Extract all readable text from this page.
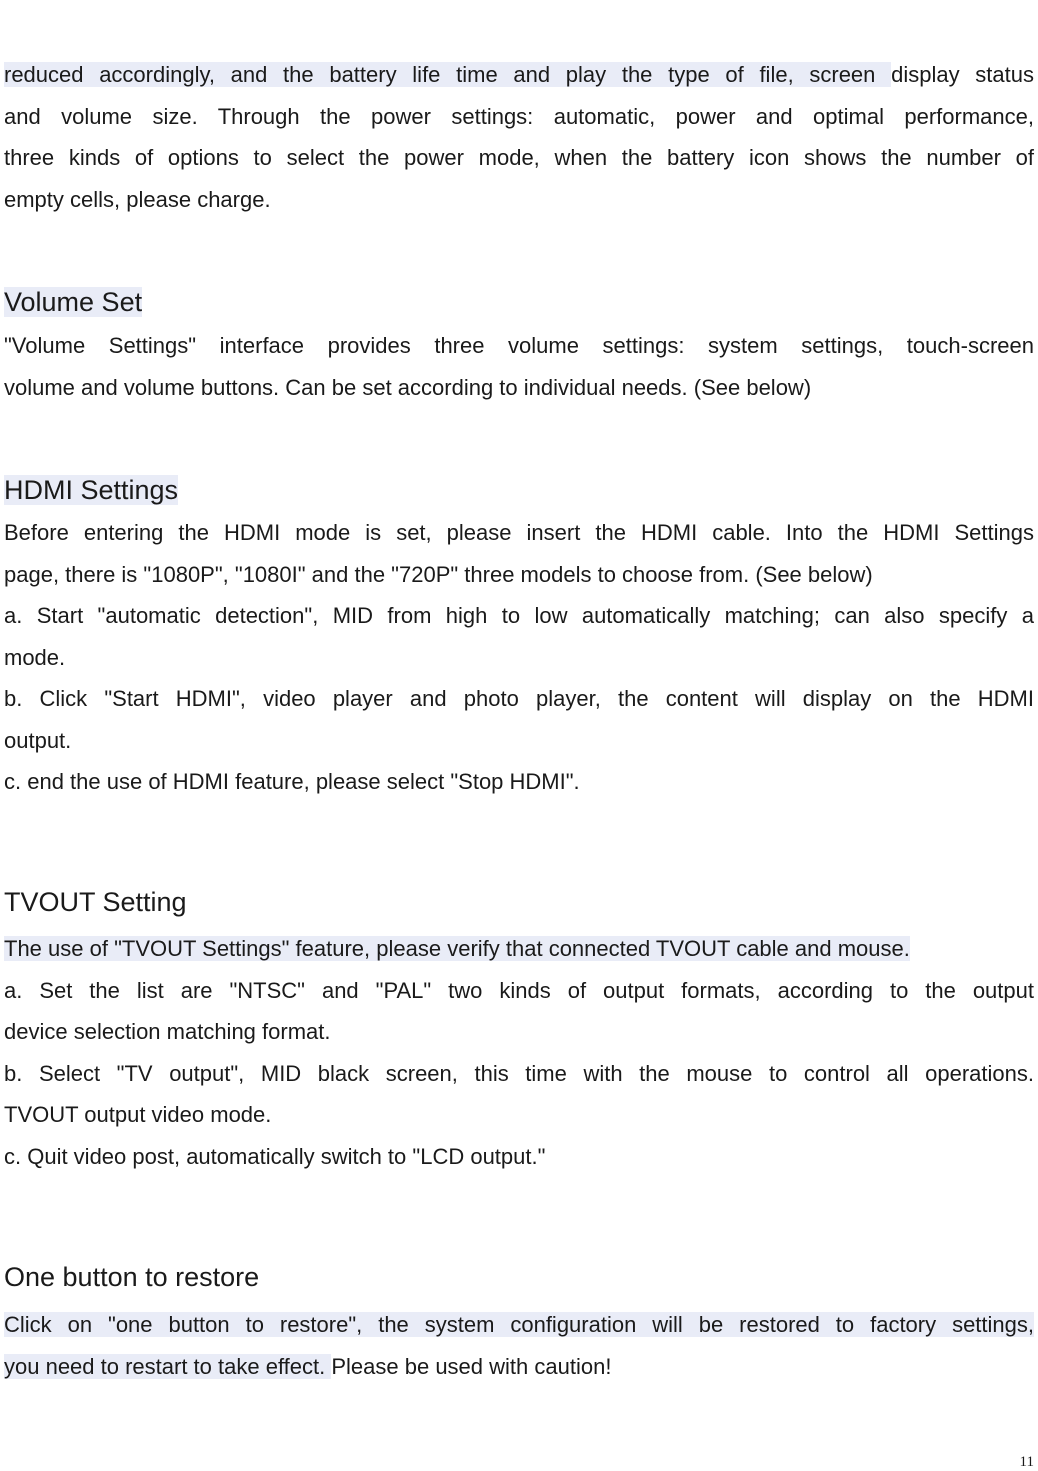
reduced accordingly, and the battery life time and play the type of file, screen display status
and volume size. Through the power settings: automatic, power and optimal performance,
three kinds of options to select the power mode, when the battery icon shows the number of
empty cells, please charge.
Volume Set
"Volume Settings" interface provides three volume settings: system settings, touch-screen
volume and volume buttons. Can be set according to individual needs. (See below)
HDMI Settings
Before entering the HDMI mode is set, please insert the HDMI cable. Into the HDMI Settings
page, there is "1080P", "1080I" and the "720P" three models to choose from. (See below)
a. Start "automatic detection", MID from high to low automatically matching; can also specify a
mode.
b. Click "Start HDMI", video player and photo player, the content will display on the HDMI
output.
c. end the use of HDMI feature, please select "Stop HDMI".
TVOUT Setting
The use of "TVOUT Settings" feature, please verify that connected TVOUT cable and mouse.
a. Set the list are "NTSC" and "PAL" two kinds of output formats, according to the output
device selection matching format.
b. Select "TV output", MID black screen, this time with the mouse to control all operations.
TVOUT output video mode.
c. Quit video post, automatically switch to "LCD output."
One button to restore
Click on "one button to restore", the system configuration will be restored to factory settings,
you need to restart to take effect. Please be used with caution!
11
